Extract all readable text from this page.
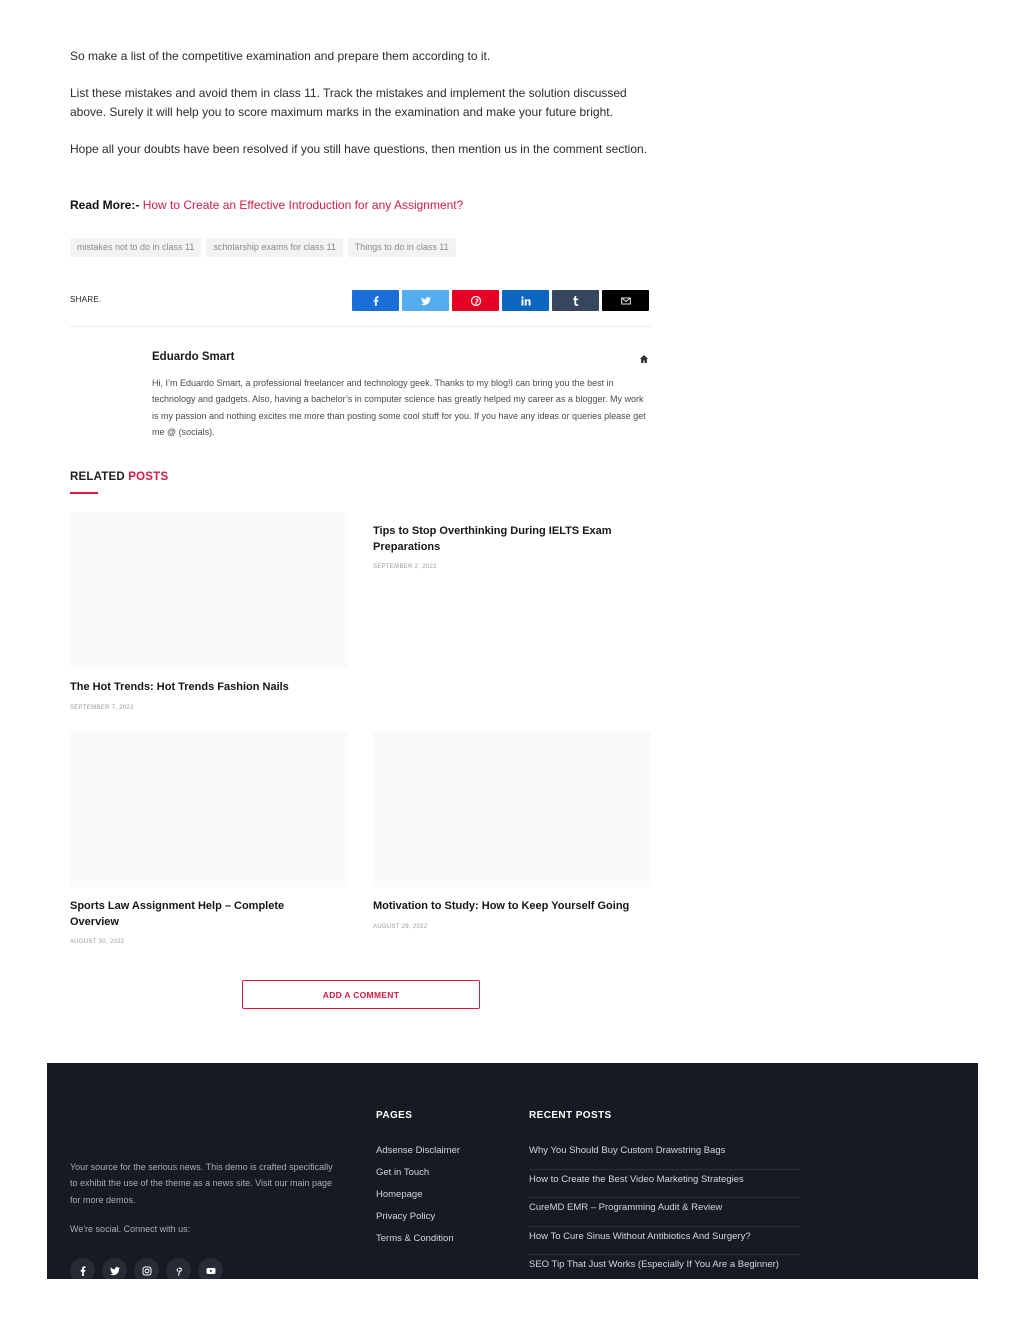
So make a list of the competitive examination and prepare them according to it.

List these mistakes and avoid them in class 11. Track the mistakes and implement the solution discussed above. Surely it will help you to score maximum marks in the examination and make your future bright.

Hope all your doubts have been resolved if you still have questions, then mention us in the comment section.

Read More:- How to Create an Effective Introduction for any Assignment?

mistakes not to do in class 11	scholarship exams for class 11	Things to do in class 11
SHARE.
Eduardo Smart

Hi, I’m Eduardo Smart, a professional freelancer and technology geek. Thanks to my blog!I can bring you the best in technology and gadgets. Also, having a bachelor’s in computer science has greatly helped my career as a blogger. My work is my passion and nothing excites me more than posting some cool stuff for you. If you have any ideas or queries please get me @ (socials).

RELATED POSTS
Tips to Stop Overthinking During IELTS Exam Preparations
SEPTEMBER 2, 2022
The Hot Trends: Hot Trends Fashion Nails
SEPTEMBER 7, 2022
Sports Law Assignment Help – Complete Overview
AUGUST 30, 2022
Motivation to Study: How to Keep Yourself Going
AUGUST 29, 2022
ADD A COMMENT

Your source for the serious news. This demo is crafted specifically to exhibit the use of the theme as a news site. Visit our main page for more demos.

We're social. Connect with us:
PAGES
Adsense Disclaimer
Get in Touch
Homepage
Privacy Policy
Terms & Condition
RECENT POSTS
Why You Should Buy Custom Drawstring Bags
How to Create the Best Video Marketing Strategies
CureMD EMR – Programming Audit & Review
How To Cure Sinus Without Antibiotics And Surgery?
SEO Tip That Just Works (Especially If You Are a Beginner)
